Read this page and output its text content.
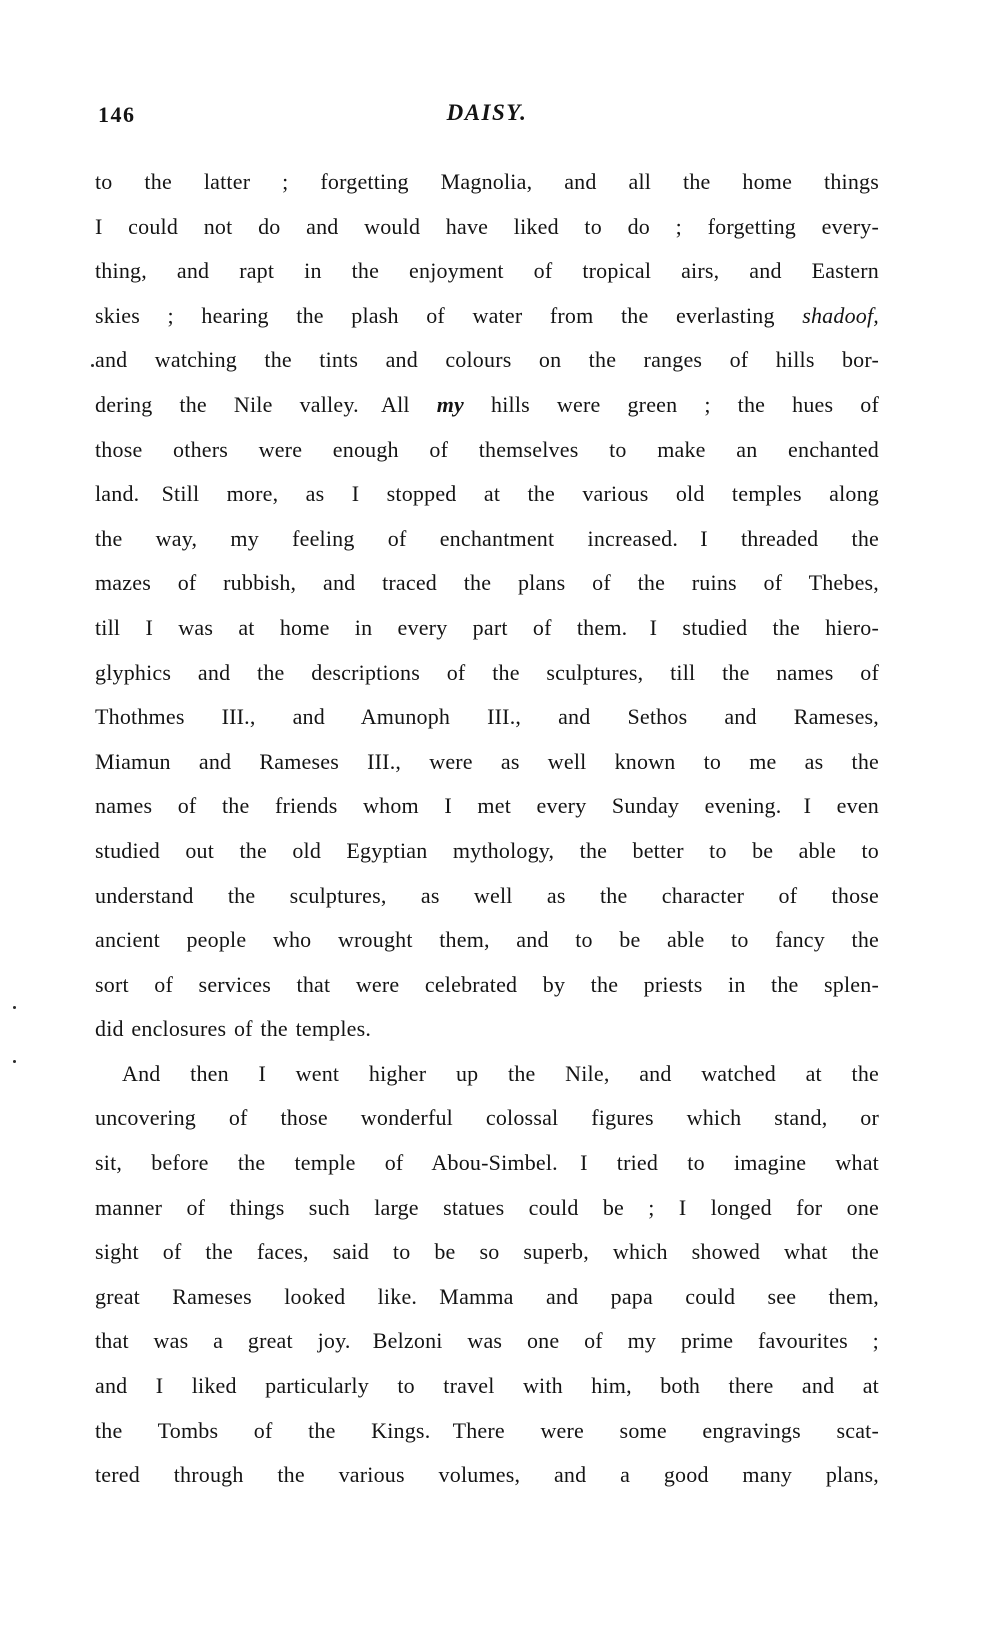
146	DAISY.
to the latter ; forgetting Magnolia, and all the home things
I could not do and would have liked to do ; forgetting every-
thing, and rapt in the enjoyment of tropical airs, and Eastern
skies ; hearing the plash of water from the everlasting shadoof,
and watching the tints and colours on the ranges of hills bor-
dering the Nile valley. All my hills were green ; the hues of
those others were enough of themselves to make an enchanted
land. Still more, as I stopped at the various old temples along
the way, my feeling of enchantment increased. I threaded the
mazes of rubbish, and traced the plans of the ruins of Thebes,
till I was at home in every part of them. I studied the hiero-
glyphics and the descriptions of the sculptures, till the names of
Thothmes III., and Amunoph III., and Sethos and Rameses,
Miamun and Rameses III., were as well known to me as the
names of the friends whom I met every Sunday evening. I even
studied out the old Egyptian mythology, the better to be able to
understand the sculptures, as well as the character of those
ancient people who wrought them, and to be able to fancy the
sort of services that were celebrated by the priests in the splen-
did enclosures of the temples.
And then I went higher up the Nile, and watched at the
uncovering of those wonderful colossal figures which stand, or
sit, before the temple of Abou-Simbel. I tried to imagine what
manner of things such large statues could be ; I longed for one
sight of the faces, said to be so superb, which showed what the
great Rameses looked like. Mamma and papa could see them,
that was a great joy. Belzoni was one of my prime favourites ;
and I liked particularly to travel with him, both there and at
the Tombs of the Kings. There were some engravings scat-
tered through the various volumes, and a good many plans,
